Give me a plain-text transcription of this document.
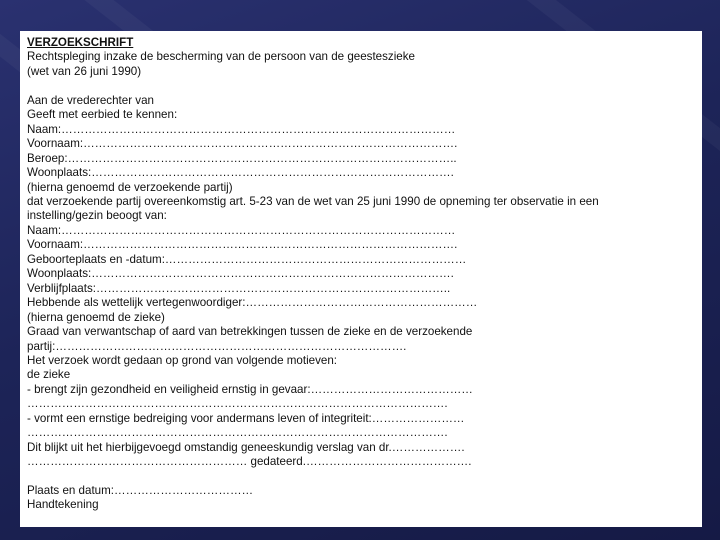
VERZOEKSCHRIFT
Rechtspleging inzake de bescherming van de persoon van de geesteszieke
(wet van 26 juni 1990)
Aan de vrederechter van
Geeft met eerbied te kennen:
Naam:…………………………………………………………………………………………
Voornaam:…………………………………………………………………………………….
Beroep:………………………………………………………………………………………..
Woonplaats:………………………………………………………………………………….
(hierna genoemd de verzoekende partij)
dat verzoekende partij overeenkomstig art. 5-23 van de wet van 25 juni 1990 de opneming ter observatie in een
instelling/gezin beoogt van:
Naam:…………………………………………………………………………………………
Voornaam:…………………………………………………………………………………….
Geboorteplaats en -datum:……………………………………………………………………
Woonplaats:………………………………………………………………………………….
Verblijfplaats:………………………………………………………………………………..
Hebbende als wettelijk vertegenwoordiger:……………………………………………………
(hierna genoemd de zieke)
Graad van verwantschap of aard van betrekkingen tussen de zieke en de verzoekende
partij:……………………………………………………………………………….
Het verzoek wordt gedaan op grond van volgende motieven:
de zieke
- brengt zijn gezondheid en veiligheid ernstig in gevaar:……………………………………
……………………………………………………………………………………………….
- vormt een ernstige bedreiging voor andermans leven of integriteit:……………………
……………………………………………………………………………………………….
Dit blijkt uit het hierbijgevoegd omstandig geneeskundig verslag van dr.……………….
………………………………………………… gedateerd.…………………………………….
Plaats en datum:………………………………
Handtekening
